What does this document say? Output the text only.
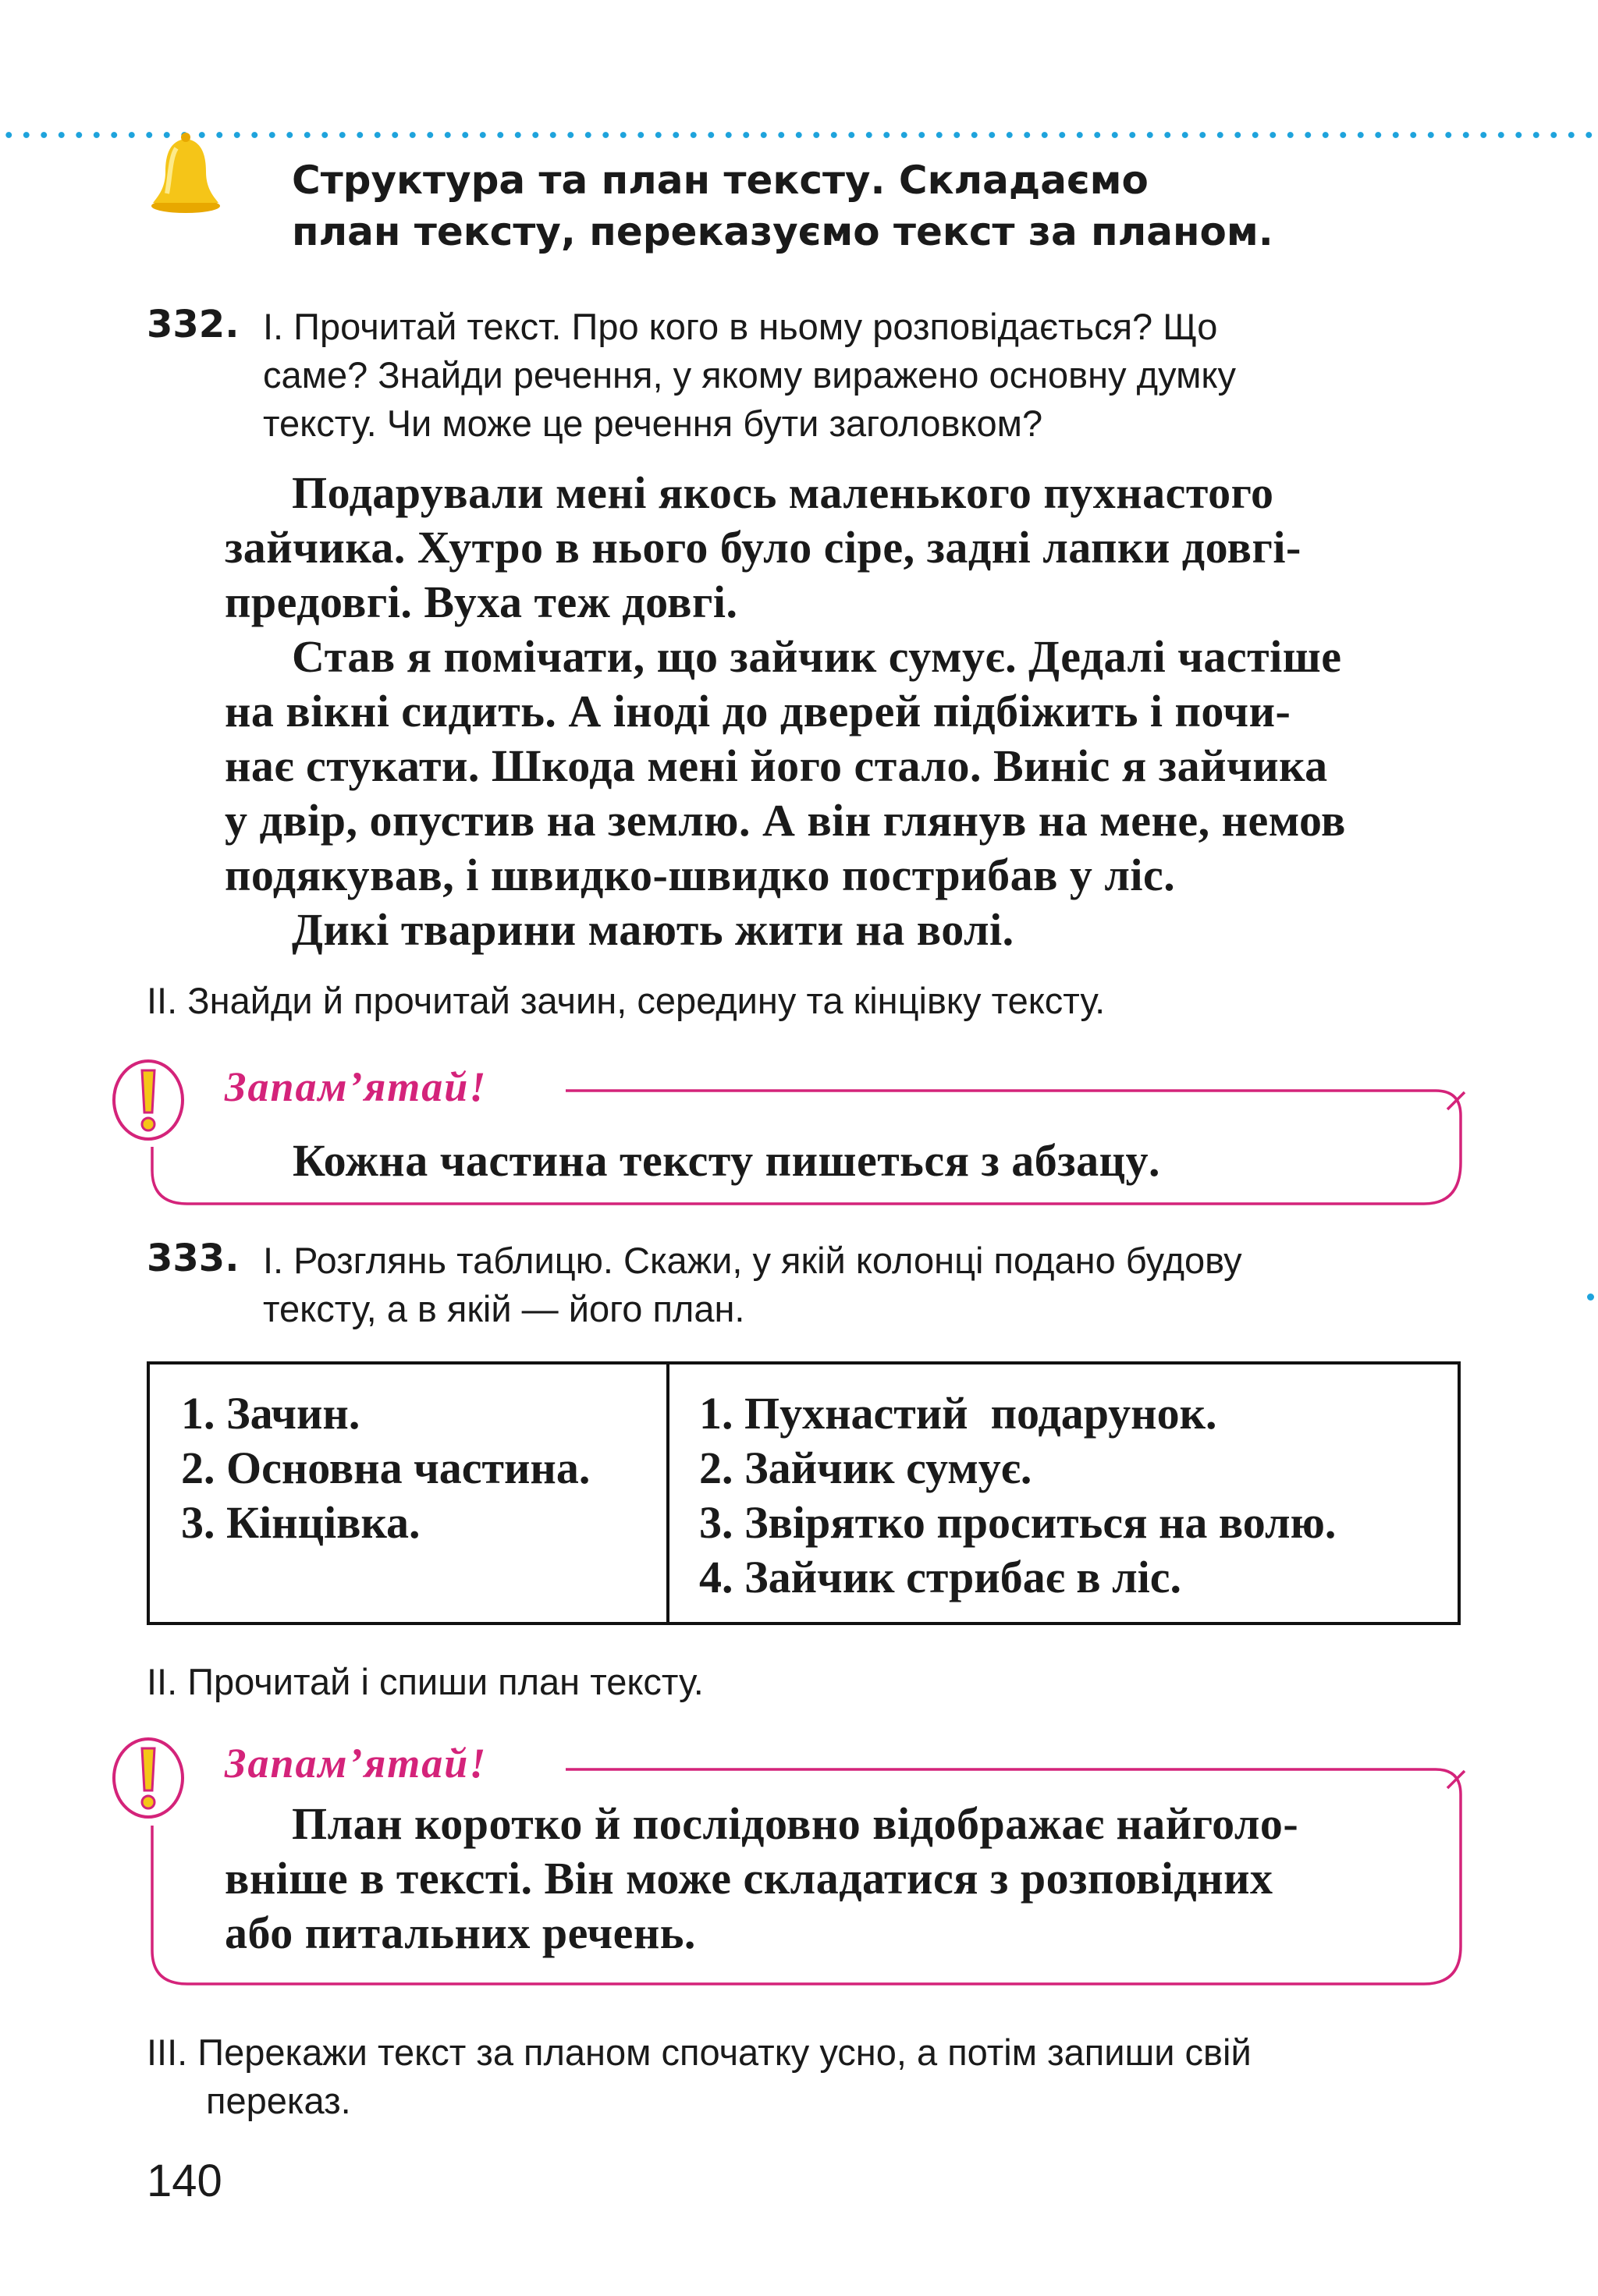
Структура та план тексту. Складаємо
план тексту, переказуємо текст за планом.
332. I. Прочитай текст. Про кого в ньому розповідається? Що
саме? Знайди речення, у якому виражено основну думку
тексту. Чи може це речення бути заголовком?
Подарували мені якось маленького пухнастого
зайчика. Хутро в нього було сіре, задні лапки довгі-
предовгі. Вуха теж довгі.
Став я помічати, що зайчик сумує. Дедалі частіше
на вікні сидить. А іноді до дверей підбіжить і почи-
нає стукати. Шкода мені його стало. Виніс я зайчика
у двір, опустив на землю. А він глянув на мене, немов
подякував, і швидко-швидко пострибав у ліс.
Дикі тварини мають жити на волі.
II. Знайди й прочитай зачин, середину та кінцівку тексту.
Запам’ятай!
Кожна частина тексту пишеться з абзацу.
333. I. Розглянь таблицю. Скажи, у якій колонці подано будову
тексту, а в якій — його план.
1. Зачин.
2. Основна частина.
3. Кінцівка.

1. Пухнастий  подарунок.
2. Зайчик сумує.
3. Звірятко проситься на волю.
4. Зайчик стрибає в ліс.
II. Прочитай і спиши план тексту.
Запам’ятай!
План коротко й послідовно відображає найголо-
вніше в тексті. Він може складатися з розповідних
або питальних речень.
III. Перекажи текст за планом спочатку усно, а потім запиши свій
переказ.
140
